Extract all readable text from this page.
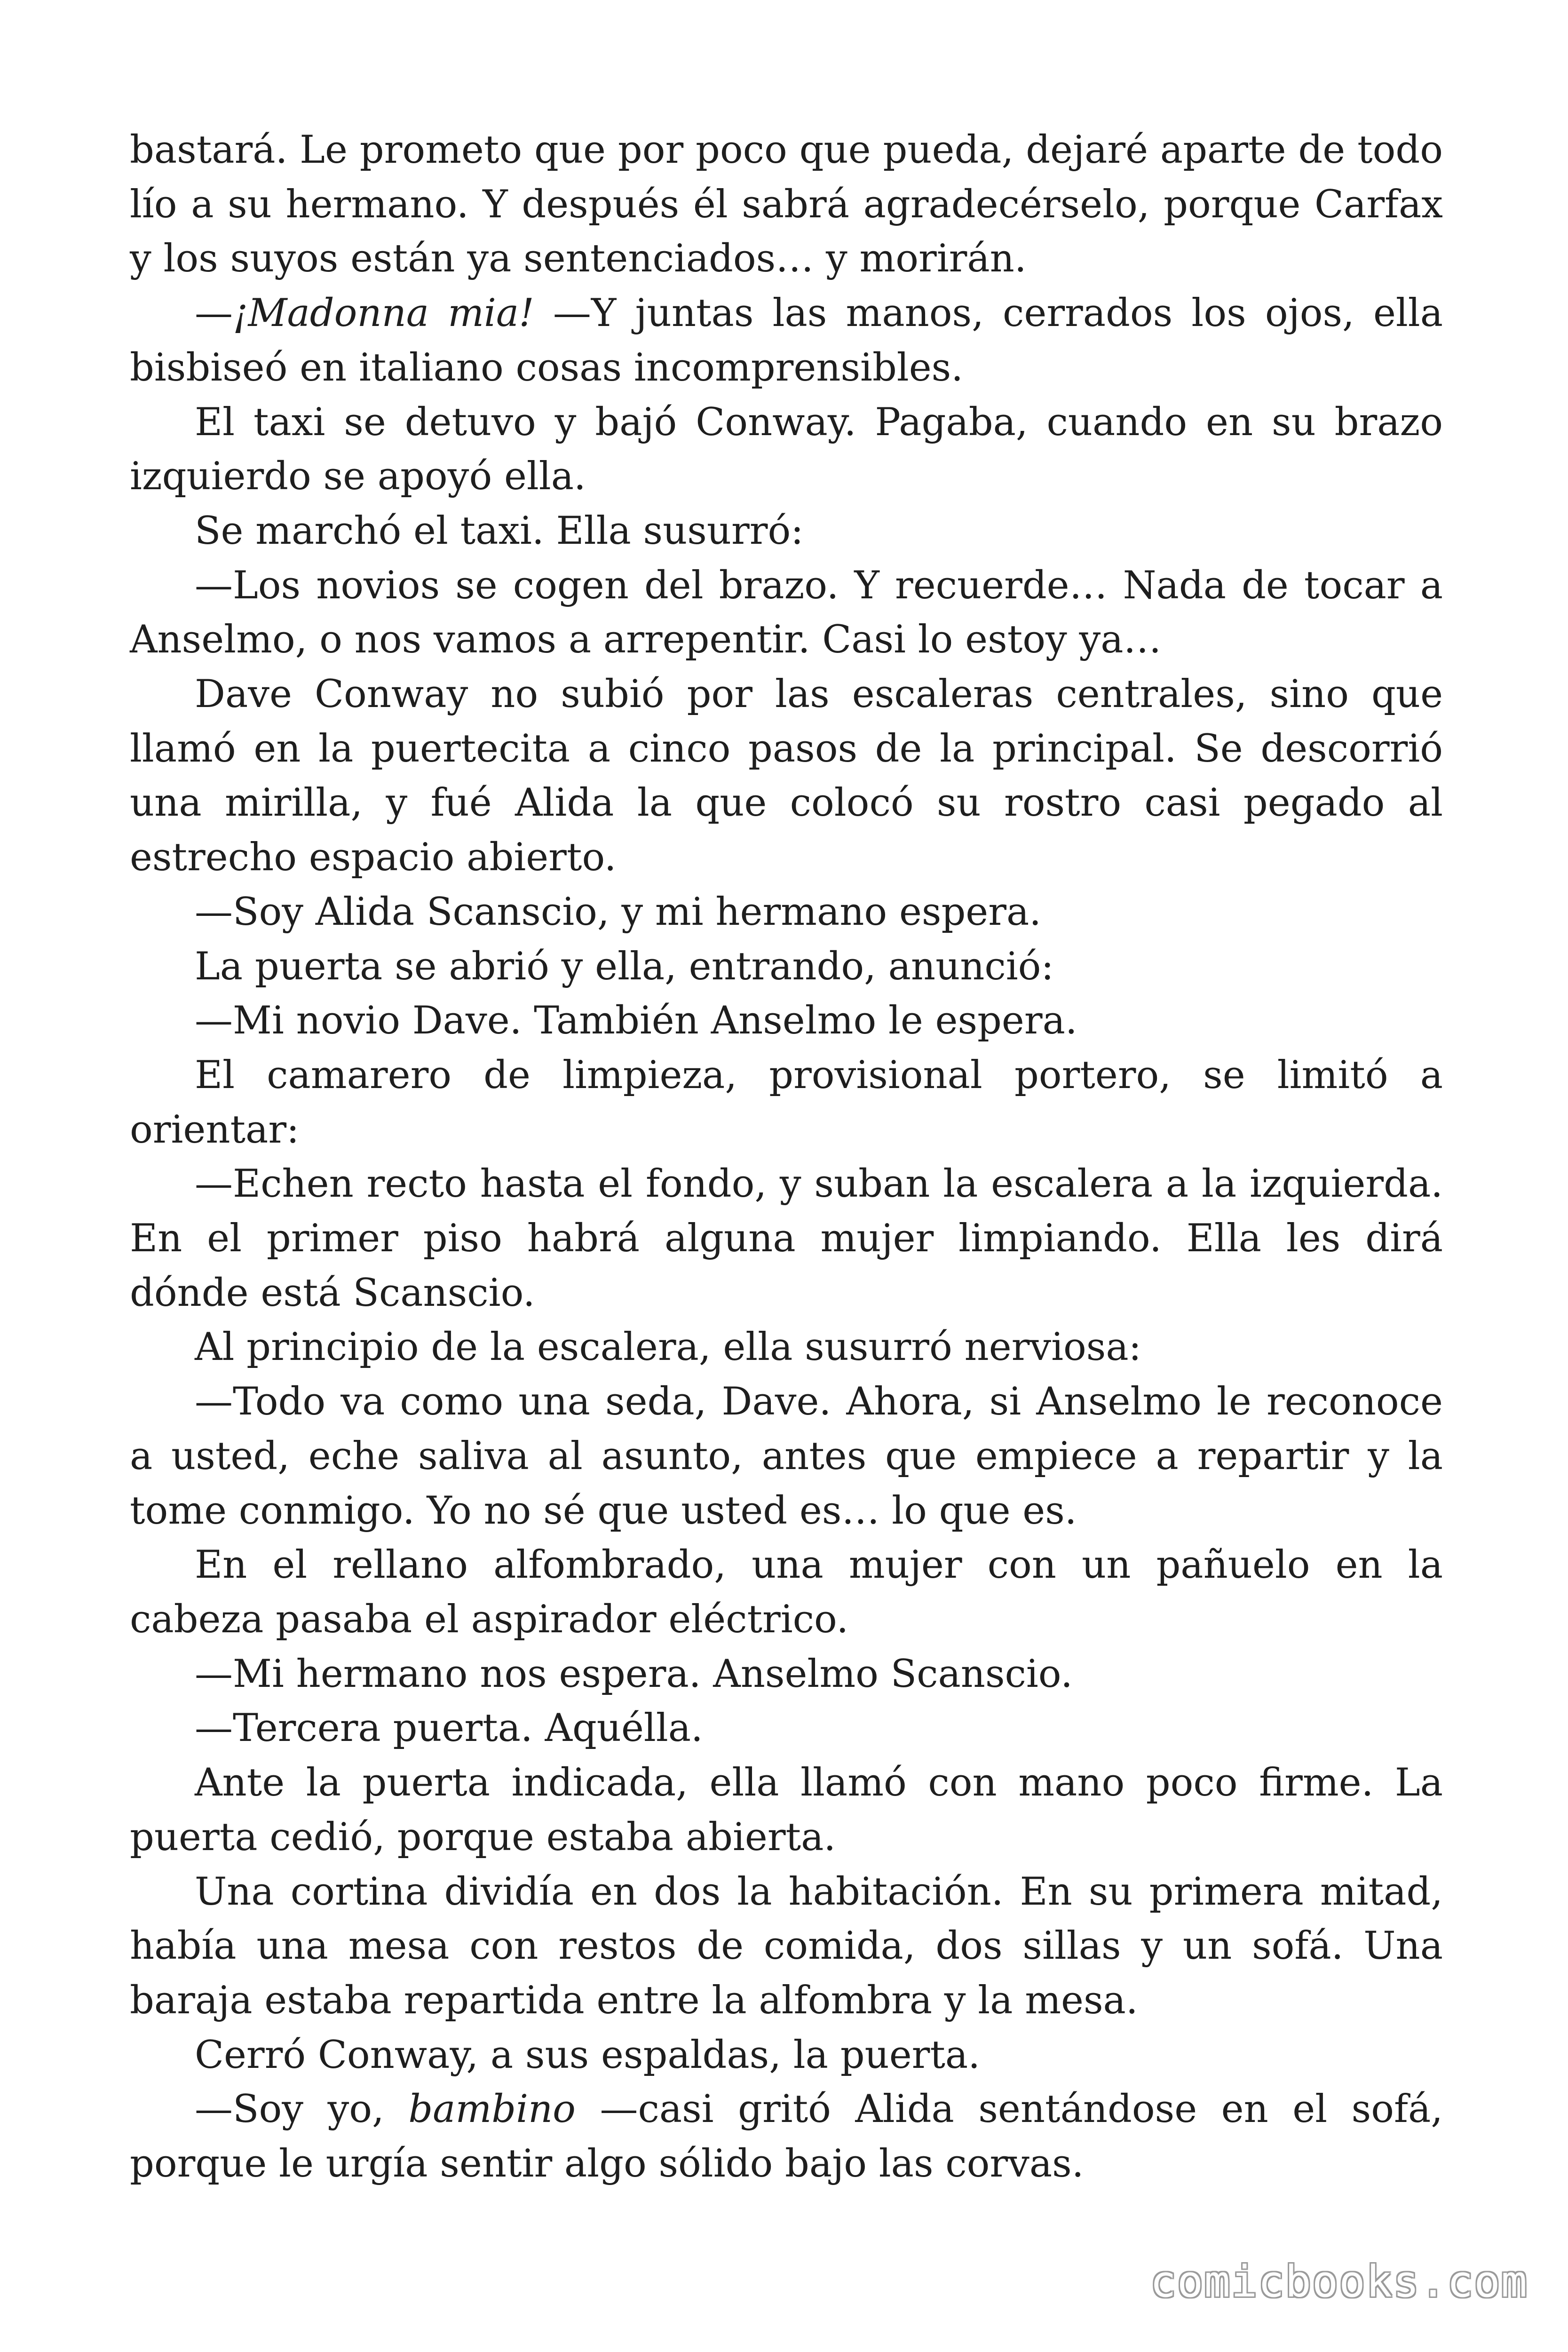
bastará. Le prometo que por poco que pueda, dejaré aparte de todo lío a su hermano. Y después él sabrá agradecérselo, porque Carfax y los suyos están ya sentenciados… y morirán.

—¡Madonna mia! —Y juntas las manos, cerrados los ojos, ella bisbiseó en italiano cosas incomprensibles.

El taxi se detuvo y bajó Conway. Pagaba, cuando en su brazo izquierdo se apoyó ella.

Se marchó el taxi. Ella susurró:

—Los novios se cogen del brazo. Y recuerde… Nada de tocar a Anselmo, o nos vamos a arrepentir. Casi lo estoy ya…

Dave Conway no subió por las escaleras centrales, sino que llamó en la puertecita a cinco pasos de la principal. Se descorrió una mirilla, y fué Alida la que colocó su rostro casi pegado al estrecho espacio abierto.

—Soy Alida Scanscio, y mi hermano espera.

La puerta se abrió y ella, entrando, anunció:

—Mi novio Dave. También Anselmo le espera.

El camarero de limpieza, provisional portero, se limitó a orientar:

—Echen recto hasta el fondo, y suban la escalera a la izquierda. En el primer piso habrá alguna mujer limpiando. Ella les dirá dónde está Scanscio.

Al principio de la escalera, ella susurró nerviosa:

—Todo va como una seda, Dave. Ahora, si Anselmo le reconoce a usted, eche saliva al asunto, antes que empiece a repartir y la tome conmigo. Yo no sé que usted es… lo que es.

En el rellano alfombrado, una mujer con un pañuelo en la cabeza pasaba el aspirador eléctrico.

—Mi hermano nos espera. Anselmo Scanscio.

—Tercera puerta. Aquélla.

Ante la puerta indicada, ella llamó con mano poco firme. La puerta cedió, porque estaba abierta.

Una cortina dividía en dos la habitación. En su primera mitad, había una mesa con restos de comida, dos sillas y un sofá. Una baraja estaba repartida entre la alfombra y la mesa.

Cerró Conway, a sus espaldas, la puerta.

—Soy yo, bambino —casi gritó Alida sentándose en el sofá, porque le urgía sentir algo sólido bajo las corvas.

comicbooks.com
